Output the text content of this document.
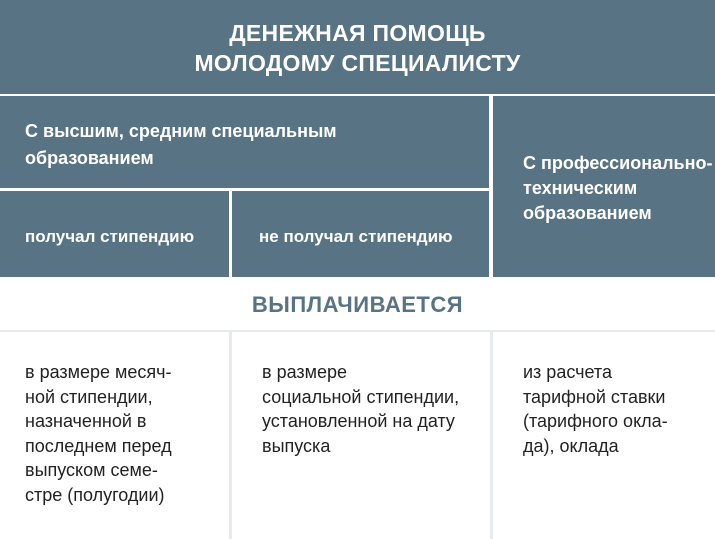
ДЕНЕЖНАЯ ПОМОЩЬ
МОЛОДОМУ СПЕЦИАЛИСТУ
С высшим, средним специальным
образованием	С профессионально-
техническим
образованием
получал стипендию	не получал стипендию
ВЫПЛАЧИВАЕТСЯ
в размере месяч-
ной стипендии,
назначенной в
последнем перед
выпуском семе-
стре (полугодии)
в размере
социальной стипендии,
установленной на дату
выпуска
из расчета
тарифной ставки
(тарифного окла-
да), оклада
